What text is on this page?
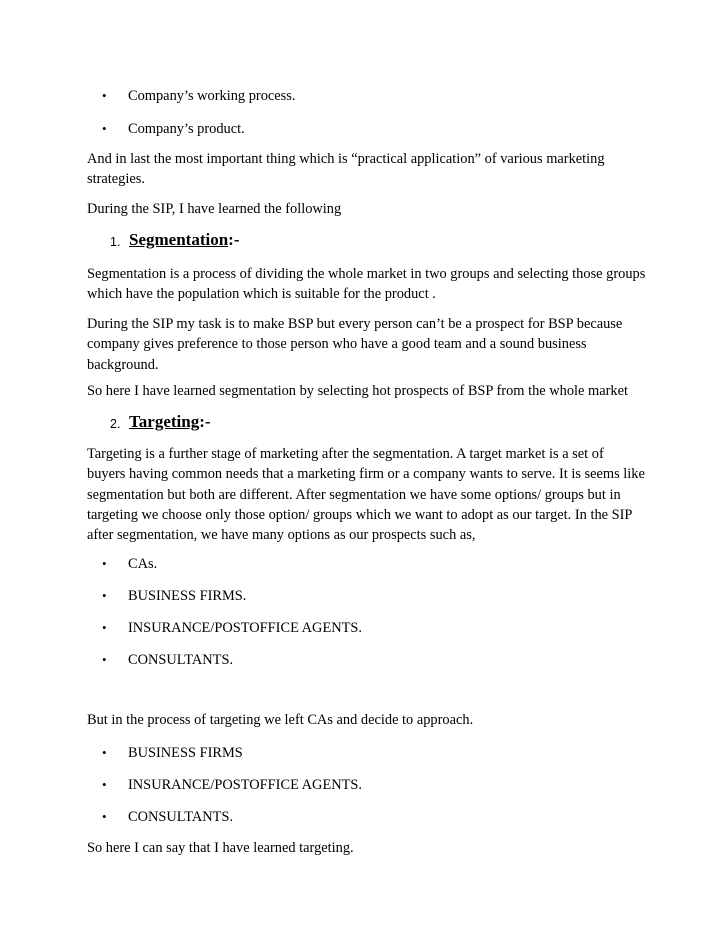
• Company’s working process.
• Company’s product.
And in last the most important thing which is “practical application” of various marketing
strategies.
During the SIP, I have learned the following
1. Segmentation:-
Segmentation is a process of dividing the whole market in two groups and selecting those groups
which have the population which is suitable for the product .
During the SIP my task is to make BSP but every person can’t be a prospect for BSP because
company gives preference to those person who have a good team and a sound business
background.
So here I have learned segmentation by selecting hot prospects of BSP from the whole market
2. Targeting:-
Targeting is a further stage of marketing after the segmentation. A target market is a set of
buyers having common needs that a marketing firm or a company wants to serve. It is seems like
segmentation but both are different. After segmentation we have some options/ groups but in
targeting we choose only those option/ groups which we want to adopt as our target. In the SIP
after segmentation, we have many options as our prospects such as,
• CAs.
• BUSINESS FIRMS.
• INSURANCE/POSTOFFICE AGENTS.
• CONSULTANTS.
But in the process of targeting we left CAs and decide to approach.
• BUSINESS FIRMS
• INSURANCE/POSTOFFICE AGENTS.
• CONSULTANTS.
So here I can say that I have learned targeting.
